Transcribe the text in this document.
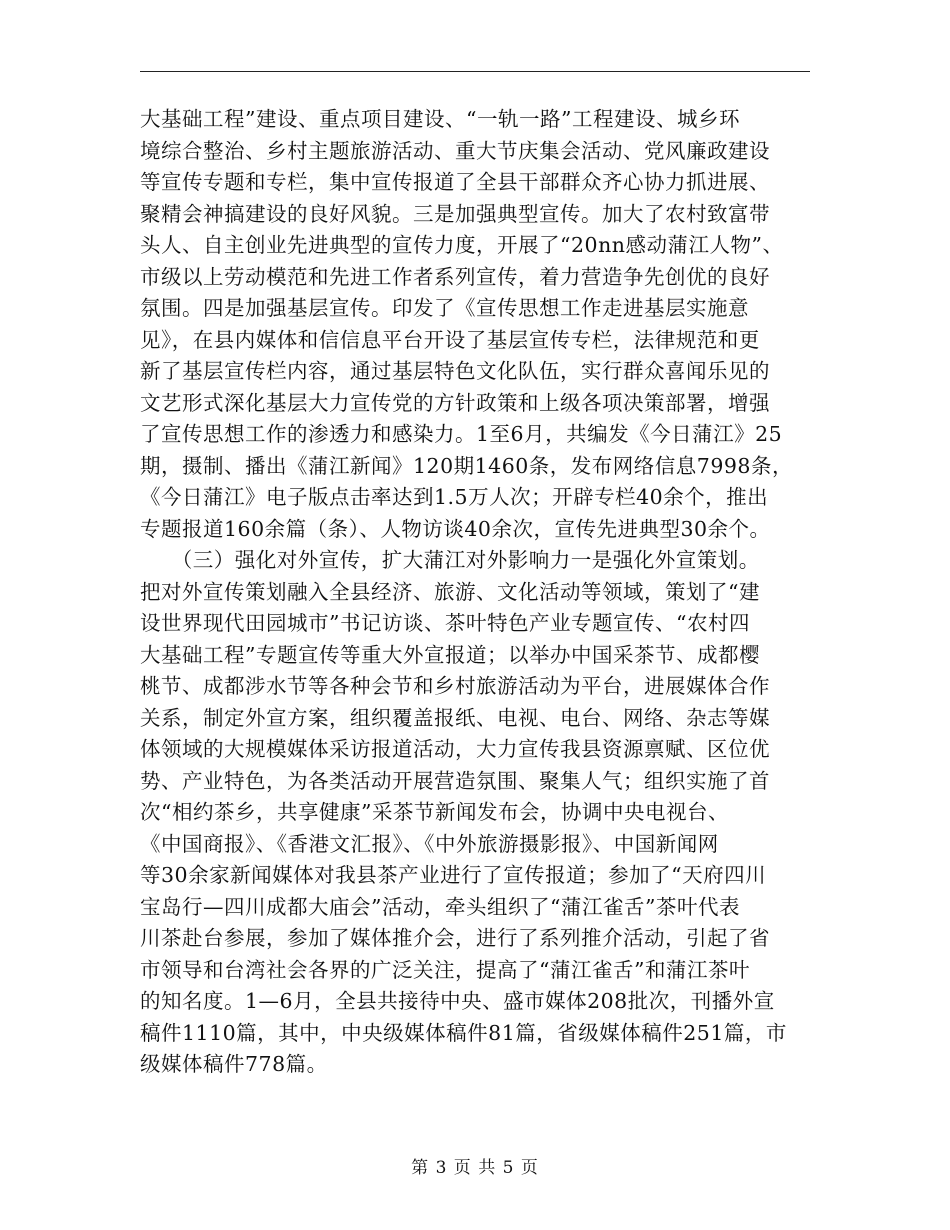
大基础工程”建设、重点项目建设、“一轨一路”工程建设、城乡环
境综合整治、乡村主题旅游活动、重大节庆集会活动、党风廉政建设
等宣传专题和专栏，集中宣传报道了全县干部群众齐心协力抓进展、
聚精会神搞建设的良好风貌。三是加强典型宣传。加大了农村致富带
头人、自主创业先进典型的宣传力度，开展了“20nn感动蒲江人物”、
市级以上劳动模范和先进工作者系列宣传，着力营造争先创优的良好
氛围。四是加强基层宣传。印发了《宣传思想工作走进基层实施意
见》，在县内媒体和信信息平台开设了基层宣传专栏，法律规范和更
新了基层宣传栏内容，通过基层特色文化队伍，实行群众喜闻乐见的
文艺形式深化基层大力宣传党的方针政策和上级各项决策部署，增强
了宣传思想工作的渗透力和感染力。1至6月，共编发《今日蒲江》25
期，摄制、播出《蒲江新闻》120期1460条，发布网络信息7998条，
《今日蒲江》电子版点击率达到1.5万人次；开辟专栏40余个，推出
专题报道160余篇（条）、人物访谈40余次，宣传先进典型30余个。
　　（三）强化对外宣传，扩大蒲江对外影响力一是强化外宣策划。
把对外宣传策划融入全县经济、旅游、文化活动等领域，策划了“建
设世界现代田园城市”书记访谈、茶叶特色产业专题宣传、“农村四
大基础工程”专题宣传等重大外宣报道；以举办中国采茶节、成都樱
桃节、成都涉水节等各种会节和乡村旅游活动为平台，进展媒体合作
关系，制定外宣方案，组织覆盖报纸、电视、电台、网络、杂志等媒
体领域的大规模媒体采访报道活动，大力宣传我县资源禀赋、区位优
势、产业特色，为各类活动开展营造氛围、聚集人气；组织实施了首
次“相约茶乡，共享健康”采茶节新闻发布会，协调中央电视台、
《中国商报》、《香港文汇报》、《中外旅游摄影报》、中国新闻网
等30余家新闻媒体对我县茶产业进行了宣传报道；参加了“天府四川
宝岛行—四川成都大庙会”活动，牵头组织了“蒲江雀舌”茶叶代表
川茶赴台参展，参加了媒体推介会，进行了系列推介活动，引起了省
市领导和台湾社会各界的广泛关注，提高了“蒲江雀舌”和蒲江茶叶
的知名度。1—6月，全县共接待中央、盛市媒体208批次，刊播外宣
稿件1110篇，其中，中央级媒体稿件81篇，省级媒体稿件251篇，市
级媒体稿件778篇。
第 3 页 共 5 页
